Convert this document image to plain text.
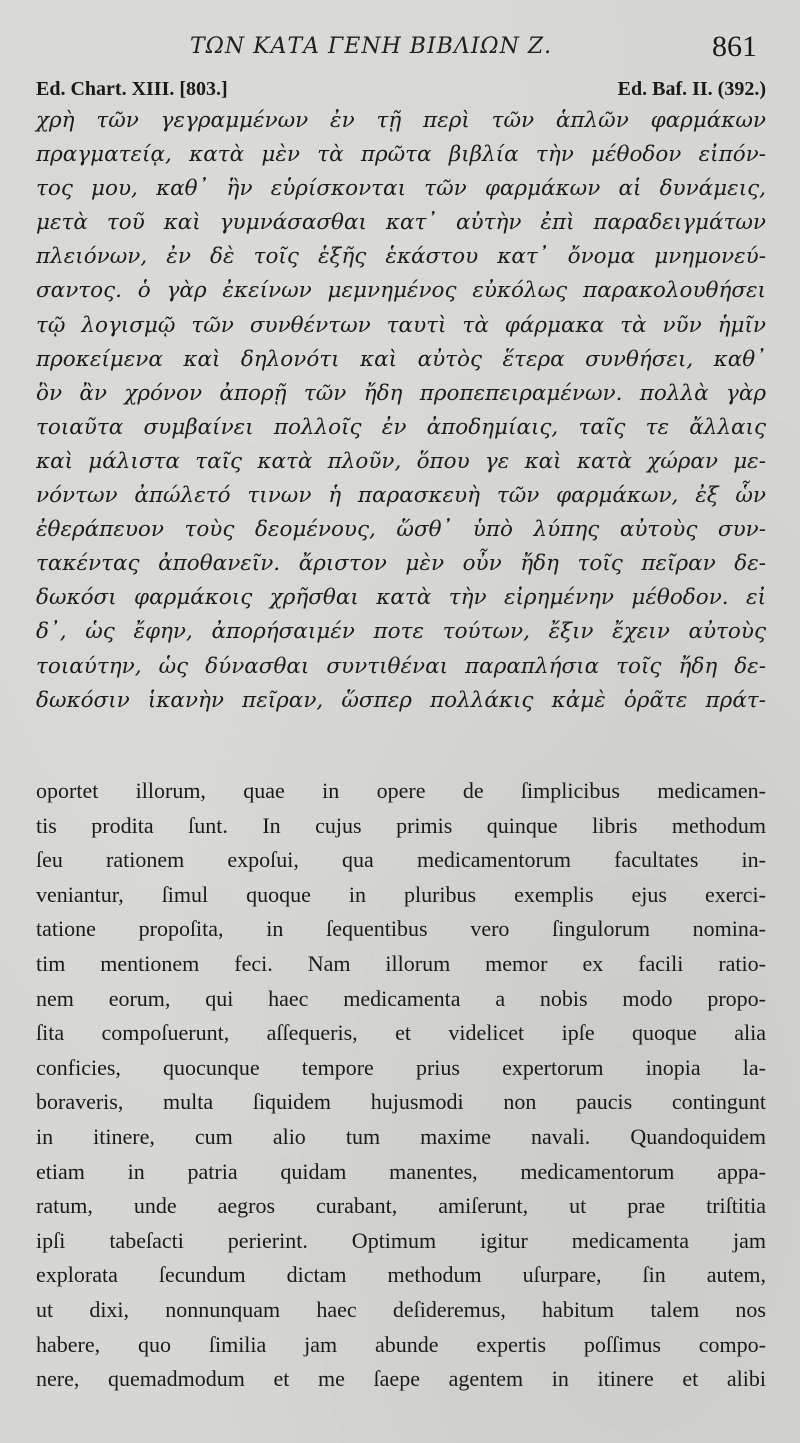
ΤΩΝ ΚΑΤΑ ΓΕΝΗ ΒΙΒΛΙΩΝ Ζ.	861
Ed. Chart. XIII. [803.]	Ed. Baf. II. (392.)
χρὴ τῶν γεγραμμένων ἐν τῇ περὶ τῶν ἁπλῶν φαρμάκων
πραγματείᾳ, κατὰ μὲν τὰ πρῶτα βιβλία τὴν μέθοδον εἰπόν-
τος μου, καθ᾽ ἣν εὑρίσκονται τῶν φαρμάκων αἱ δυνάμεις,
μετὰ τοῦ καὶ γυμνάσασθαι κατ᾽ αὐτὴν ἐπὶ παραδειγμάτων
πλειόνων, ἐν δὲ τοῖς ἑξῆς ἑκάστου κατ᾽ ὄνομα μνημονεύ-
σαντος. ὁ γὰρ ἐκείνων μεμνημένος εὐκόλως παρακολουθήσει
τῷ λογισμῷ τῶν συνθέντων ταυτὶ τὰ φάρμακα τὰ νῦν ἡμῖν
προκείμενα καὶ δηλονότι καὶ αὐτὸς ἕτερα συνθήσει, καθ᾽
ὃν ἂν χρόνον ἀπορῇ τῶν ἤδη προπεπειραμένων. πολλὰ γὰρ
τοιαῦτα συμβαίνει πολλοῖς ἐν ἀποδημίαις, ταῖς τε ἄλλαις
καὶ μάλιστα ταῖς κατὰ πλοῦν, ὅπου γε καὶ κατὰ χώραν με-
νόντων ἀπώλετό τινων ἡ παρασκευὴ τῶν φαρμάκων, ἐξ ὧν
ἐθεράπευον τοὺς δεομένους, ὥσθ᾽ ὑπὸ λύπης αὐτοὺς συν-
τακέντας ἀποθανεῖν. ἄριστον μὲν οὖν ἤδη τοῖς πεῖραν δε-
δωκόσι φαρμάκοις χρῆσθαι κατὰ τὴν εἰρημένην μέθοδον. εἰ
δ᾽, ὡς ἔφην, ἀπορήσαιμέν ποτε τούτων, ἔξιν ἔχειν αὐτοὺς
τοιαύτην, ὡς δύνασθαι συντιθέναι παραπλήσια τοῖς ἤδη δε-
δωκόσιν ἱκανὴν πεῖραν, ὥσπερ πολλάκις κἀμὲ ὁρᾶτε πράτ-
oportet illorum, quae in opere de ſimplicibus medicamen-
tis prodita ſunt. In cujus primis quinque libris methodum
ſeu rationem expoſui, qua medicamentorum facultates in-
veniantur, ſimul quoque in pluribus exemplis ejus exerci-
tatione propoſita, in ſequentibus vero ſingulorum nomina-
tim mentionem feci. Nam illorum memor ex facili ratio-
nem eorum, qui haec medicamenta a nobis modo propo-
ſita compoſuerunt, aſſequeris, et videlicet ipſe quoque alia
conficies, quocunque tempore prius expertorum inopia la-
boraveris, multa ſiquidem hujusmodi non paucis contingunt
in itinere, cum alio tum maxime navali. Quandoquidem
etiam in patria quidam manentes, medicamentorum appa-
ratum, unde aegros curabant, amiſerunt, ut prae triſtitia
ipſi tabeſacti perierint. Optimum igitur medicamenta jam
explorata ſecundum dictam methodum uſurpare, ſin autem,
ut dixi, nonnunquam haec deſideremus, habitum talem nos
habere, quo ſimilia jam abunde expertis poſſimus compo-
nere, quemadmodum et me ſaepe agentem in itinere et alibi
